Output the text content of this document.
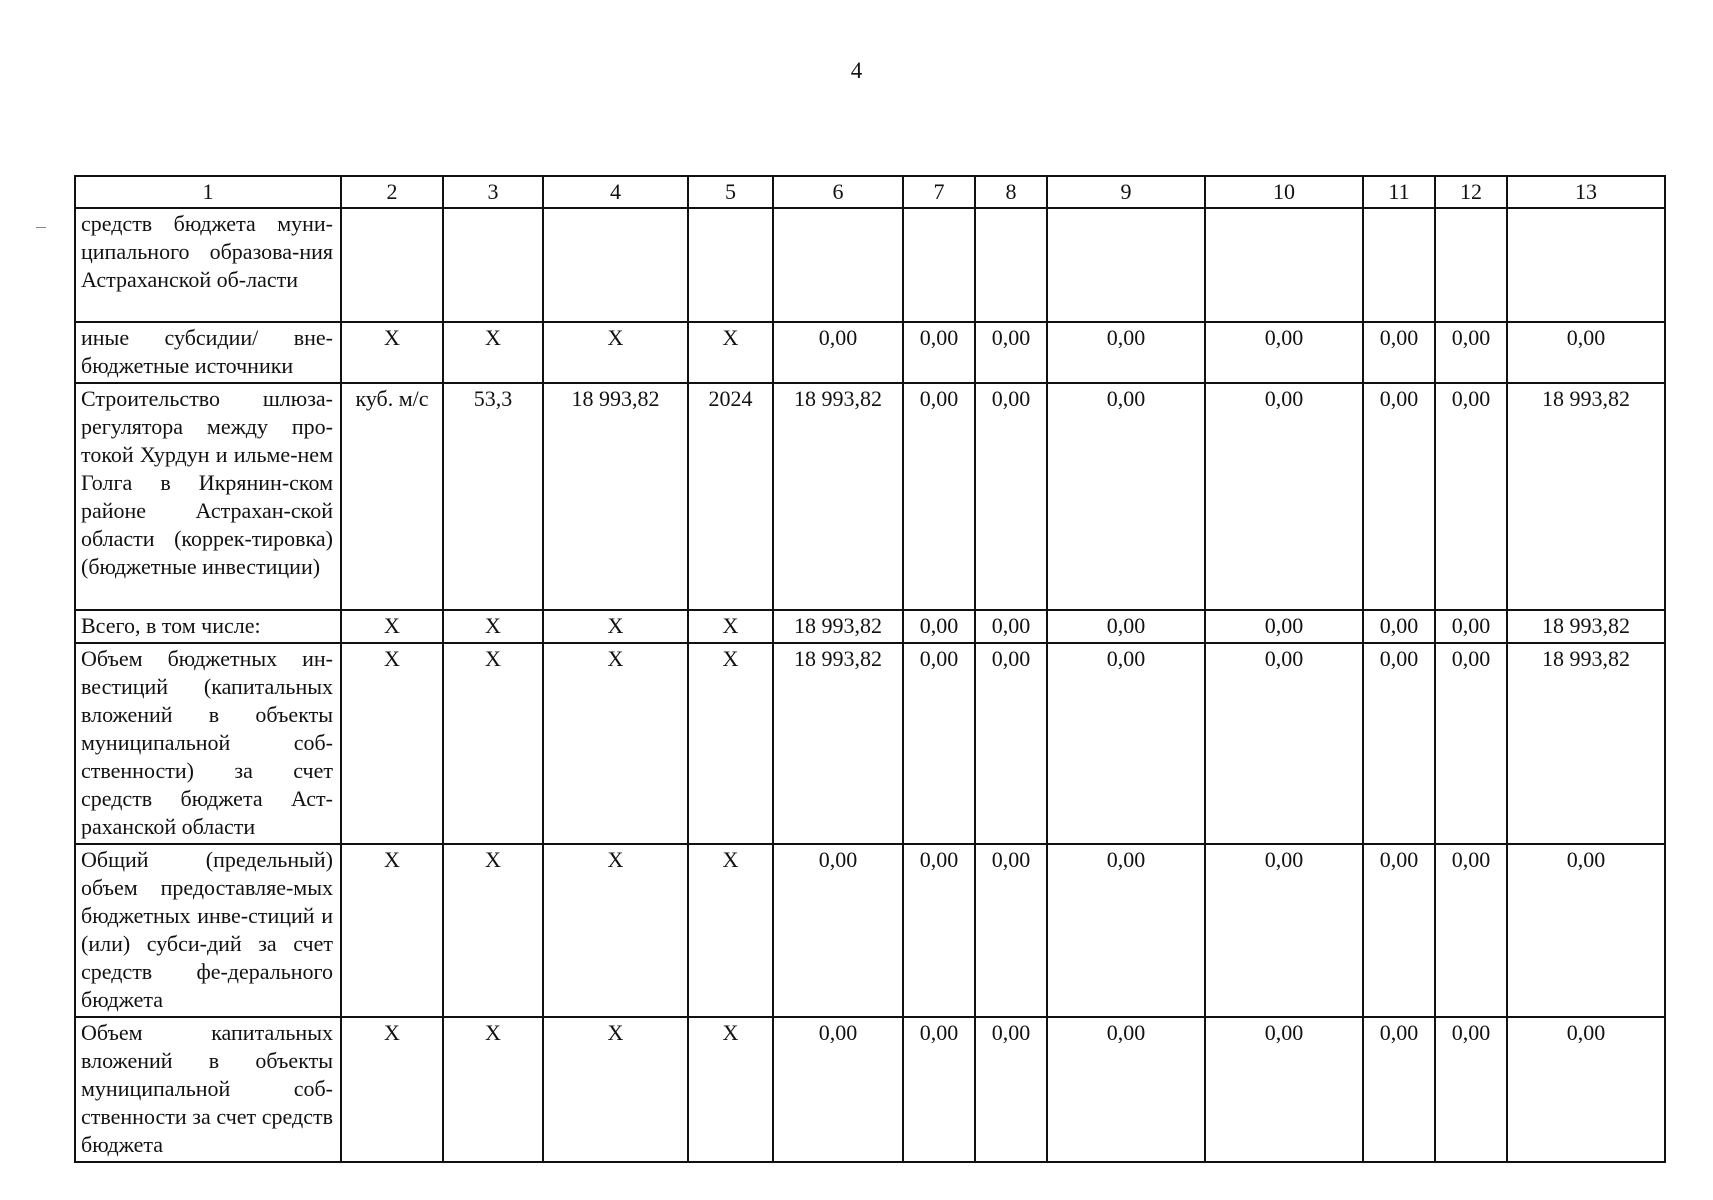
4
1	2	3	4	5	6	7	8	9	10	11	12	13
средств бюджета муни-ципального образова-ния Астраханской об-ласти												
иные субсидии/ вне-бюджетные источники	Х	Х	Х	Х	0,00	0,00	0,00	0,00	0,00	0,00	0,00	0,00
Строительство шлюза-регулятора между про-токой Хурдун и ильме-нем Голга в Икрянин-ском районе Астрахан-ской области (коррек-тировка) (бюджетные инвестиции)	куб. м/с	53,3	18 993,82	2024	18 993,82	0,00	0,00	0,00	0,00	0,00	0,00	18 993,82
Всего, в том числе:	Х	Х	Х	Х	18 993,82	0,00	0,00	0,00	0,00	0,00	0,00	18 993,82
Объем бюджетных ин-вестиций (капитальных вложений в объекты муниципальной соб-ственности) за счет средств бюджета Аст-раханской области	Х	Х	Х	Х	18 993,82	0,00	0,00	0,00	0,00	0,00	0,00	18 993,82
Общий (предельный) объем предоставляе-мых бюджетных инве-стиций и (или) субси-дий за счет средств фе-дерального бюджета	Х	Х	Х	Х	0,00	0,00	0,00	0,00	0,00	0,00	0,00	0,00
Объем капитальных вложений в объекты муниципальной соб-ственности за счет средств бюджета	Х	Х	Х	Х	0,00	0,00	0,00	0,00	0,00	0,00	0,00	0,00
